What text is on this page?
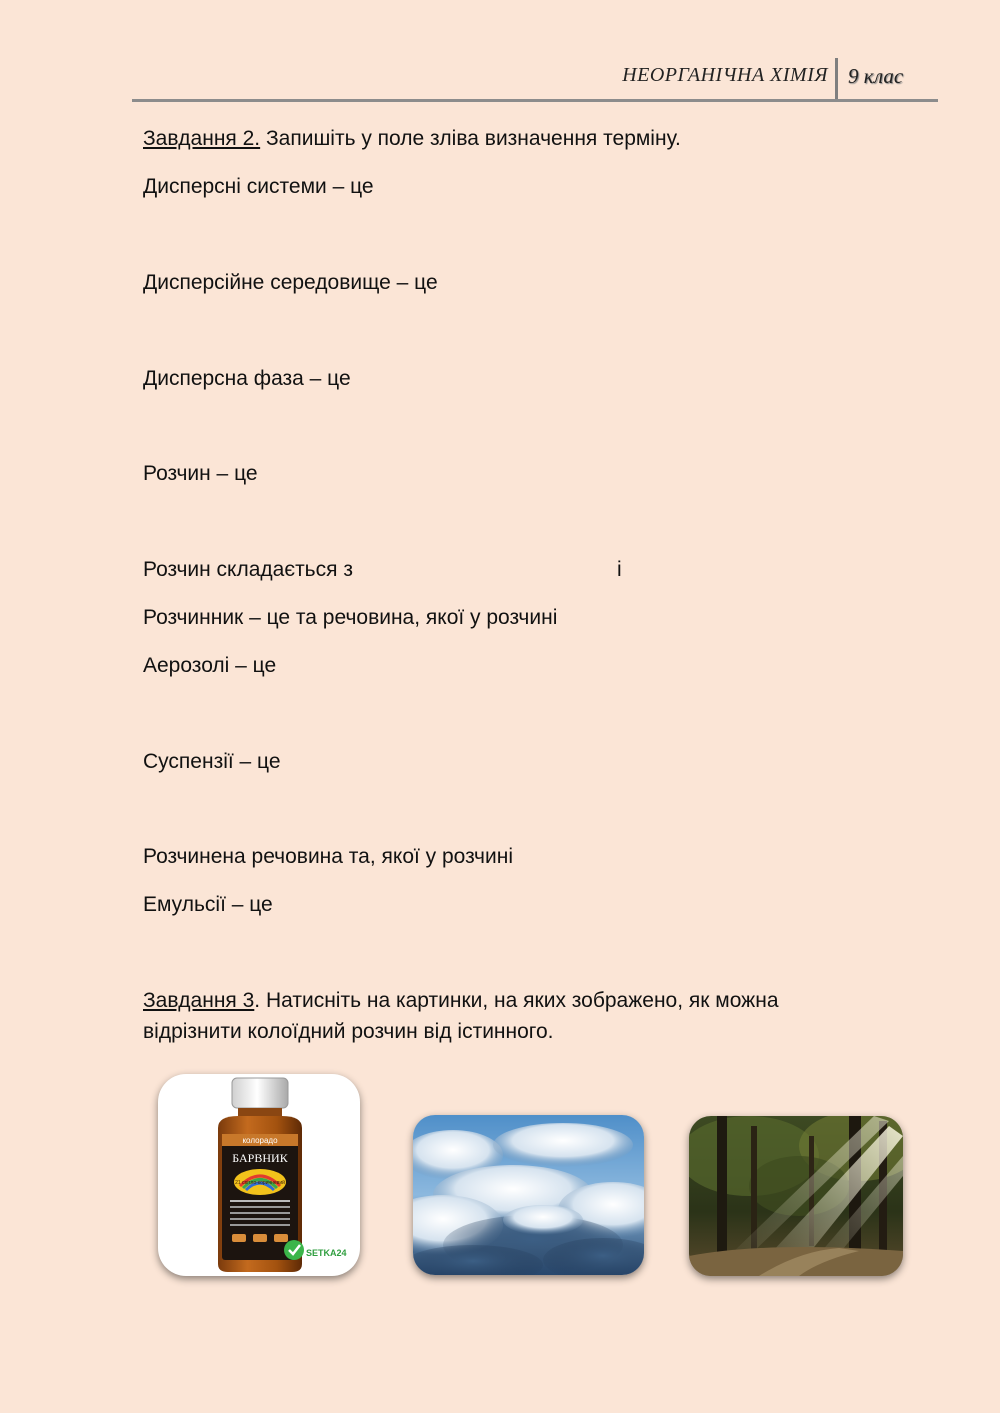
НЕОРГАНІЧНА ХІМІЯ 9 клас
Завдання 2. Запишіть у поле зліва визначення терміну.
Дисперсні системи – це
Дисперсійне середовище – це
Дисперсна фаза – це
Розчин – це
Розчин складається з	і
Розчинник – це та речовина, якої у розчині
Аерозолі – це
Суспензії – це
Розчинена речовина та, якої у розчині
Емульсії – це
Завдання 3. Натисніть на картинки, на яких зображено, як можна відрізнити колоїдний розчин від істинного.
колорадо
БАРВНИК
21 світло-коричневий
SETKA24
